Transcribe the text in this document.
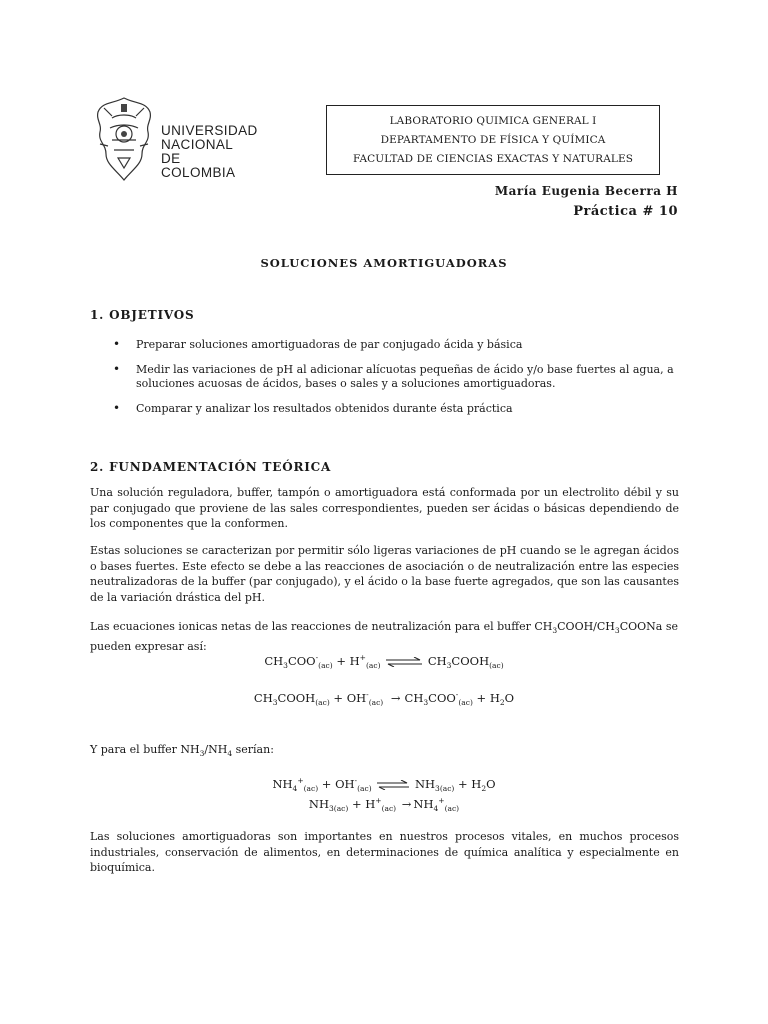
UNIVERSIDAD
NACIONAL
DE COLOMBIA
LABORATORIO QUIMICA GENERAL I
DEPARTAMENTO DE FÍSICA Y QUÍMICA
FACULTAD DE CIENCIAS EXACTAS Y NATURALES
María Eugenia Becerra H
Práctica # 10
SOLUCIONES AMORTIGUADORAS
1. OBJETIVOS
• Preparar soluciones amortiguadoras de par conjugado ácida y básica
• Medir las variaciones de pH al adicionar alícuotas pequeñas de ácido y/o base fuertes al agua, a soluciones acuosas de ácidos, bases o sales y a soluciones amortiguadoras.
• Comparar y analizar los resultados obtenidos durante ésta práctica
2. FUNDAMENTACIÓN TEÓRICA
Una solución reguladora, buffer, tampón o amortiguadora está conformada por un electrolito débil y su par conjugado que proviene de las sales correspondientes, pueden ser ácidas o básicas dependiendo de los componentes que la conformen.
Estas soluciones se caracterizan por permitir sólo ligeras variaciones de pH cuando se le agregan ácidos o bases fuertes. Este efecto se debe a las reacciones de asociación o de neutralización entre las especies neutralizadoras de la buffer (par conjugado), y el ácido o la base fuerte agregados, que son las causantes de la variación drástica del pH.
Las ecuaciones ionicas netas de las reacciones de neutralización para el buffer $CH_3COOH/CH_3COONa$ se pueden expresar así:
$CH_3COO^-_{(ac)} + H^+_{(ac)}$ ⇌ $CH_3COOH_{(ac)}$
$CH_3COOH_{(ac)} + OH^-_{(ac)} \to CH_3COO^-_{(ac)} + H_2O$
Y para el buffer $NH_3/NH_4$ serían:
$NH_4^+_{(ac)} + OH^-_{(ac)}$ ⇌ $NH_{3(ac)} + H_2O$
$NH_{3(ac)} + H^+_{(ac)} \to NH_4^+_{(ac)}$
Las soluciones amortiguadoras son importantes en nuestros procesos vitales, en muchos procesos industriales, conservación de alimentos, en determinaciones de química analítica y especialmente en bioquímica.
